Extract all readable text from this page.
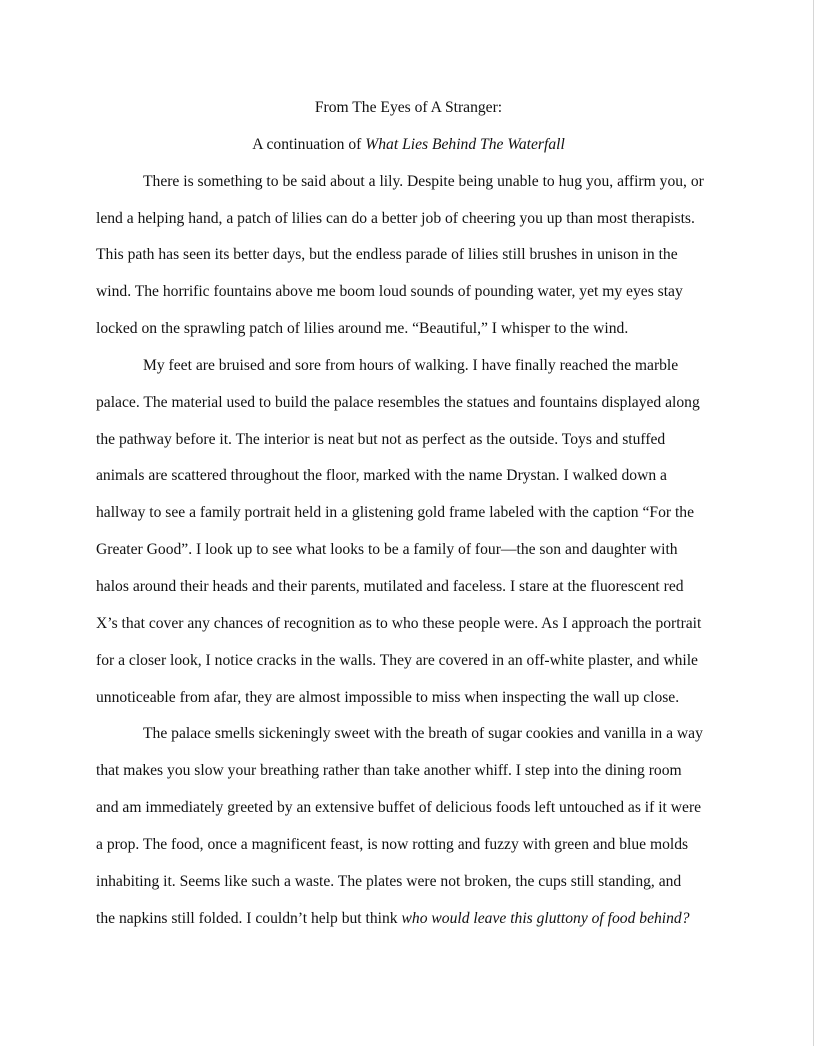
From The Eyes of A Stranger:

A continuation of What Lies Behind The Waterfall

There is something to be said about a lily. Despite being unable to hug you, affirm you, or
lend a helping hand, a patch of lilies can do a better job of cheering you up than most therapists.
This path has seen its better days, but the endless parade of lilies still brushes in unison in the
wind. The horrific fountains above me boom loud sounds of pounding water, yet my eyes stay
locked on the sprawling patch of lilies around me. “Beautiful,” I whisper to the wind.

My feet are bruised and sore from hours of walking. I have finally reached the marble
palace. The material used to build the palace resembles the statues and fountains displayed along
the pathway before it. The interior is neat but not as perfect as the outside. Toys and stuffed
animals are scattered throughout the floor, marked with the name Drystan. I walked down a
hallway to see a family portrait held in a glistening gold frame labeled with the caption “For the
Greater Good”. I look up to see what looks to be a family of four—the son and daughter with
halos around their heads and their parents, mutilated and faceless. I stare at the fluorescent red
X’s that cover any chances of recognition as to who these people were. As I approach the portrait
for a closer look, I notice cracks in the walls. They are covered in an off-white plaster, and while
unnoticeable from afar, they are almost impossible to miss when inspecting the wall up close.

The palace smells sickeningly sweet with the breath of sugar cookies and vanilla in a way
that makes you slow your breathing rather than take another whiff. I step into the dining room
and am immediately greeted by an extensive buffet of delicious foods left untouched as if it were
a prop. The food, once a magnificent feast, is now rotting and fuzzy with green and blue molds
inhabiting it. Seems like such a waste. The plates were not broken, the cups still standing, and
the napkins still folded. I couldn’t help but think who would leave this gluttony of food behind?
